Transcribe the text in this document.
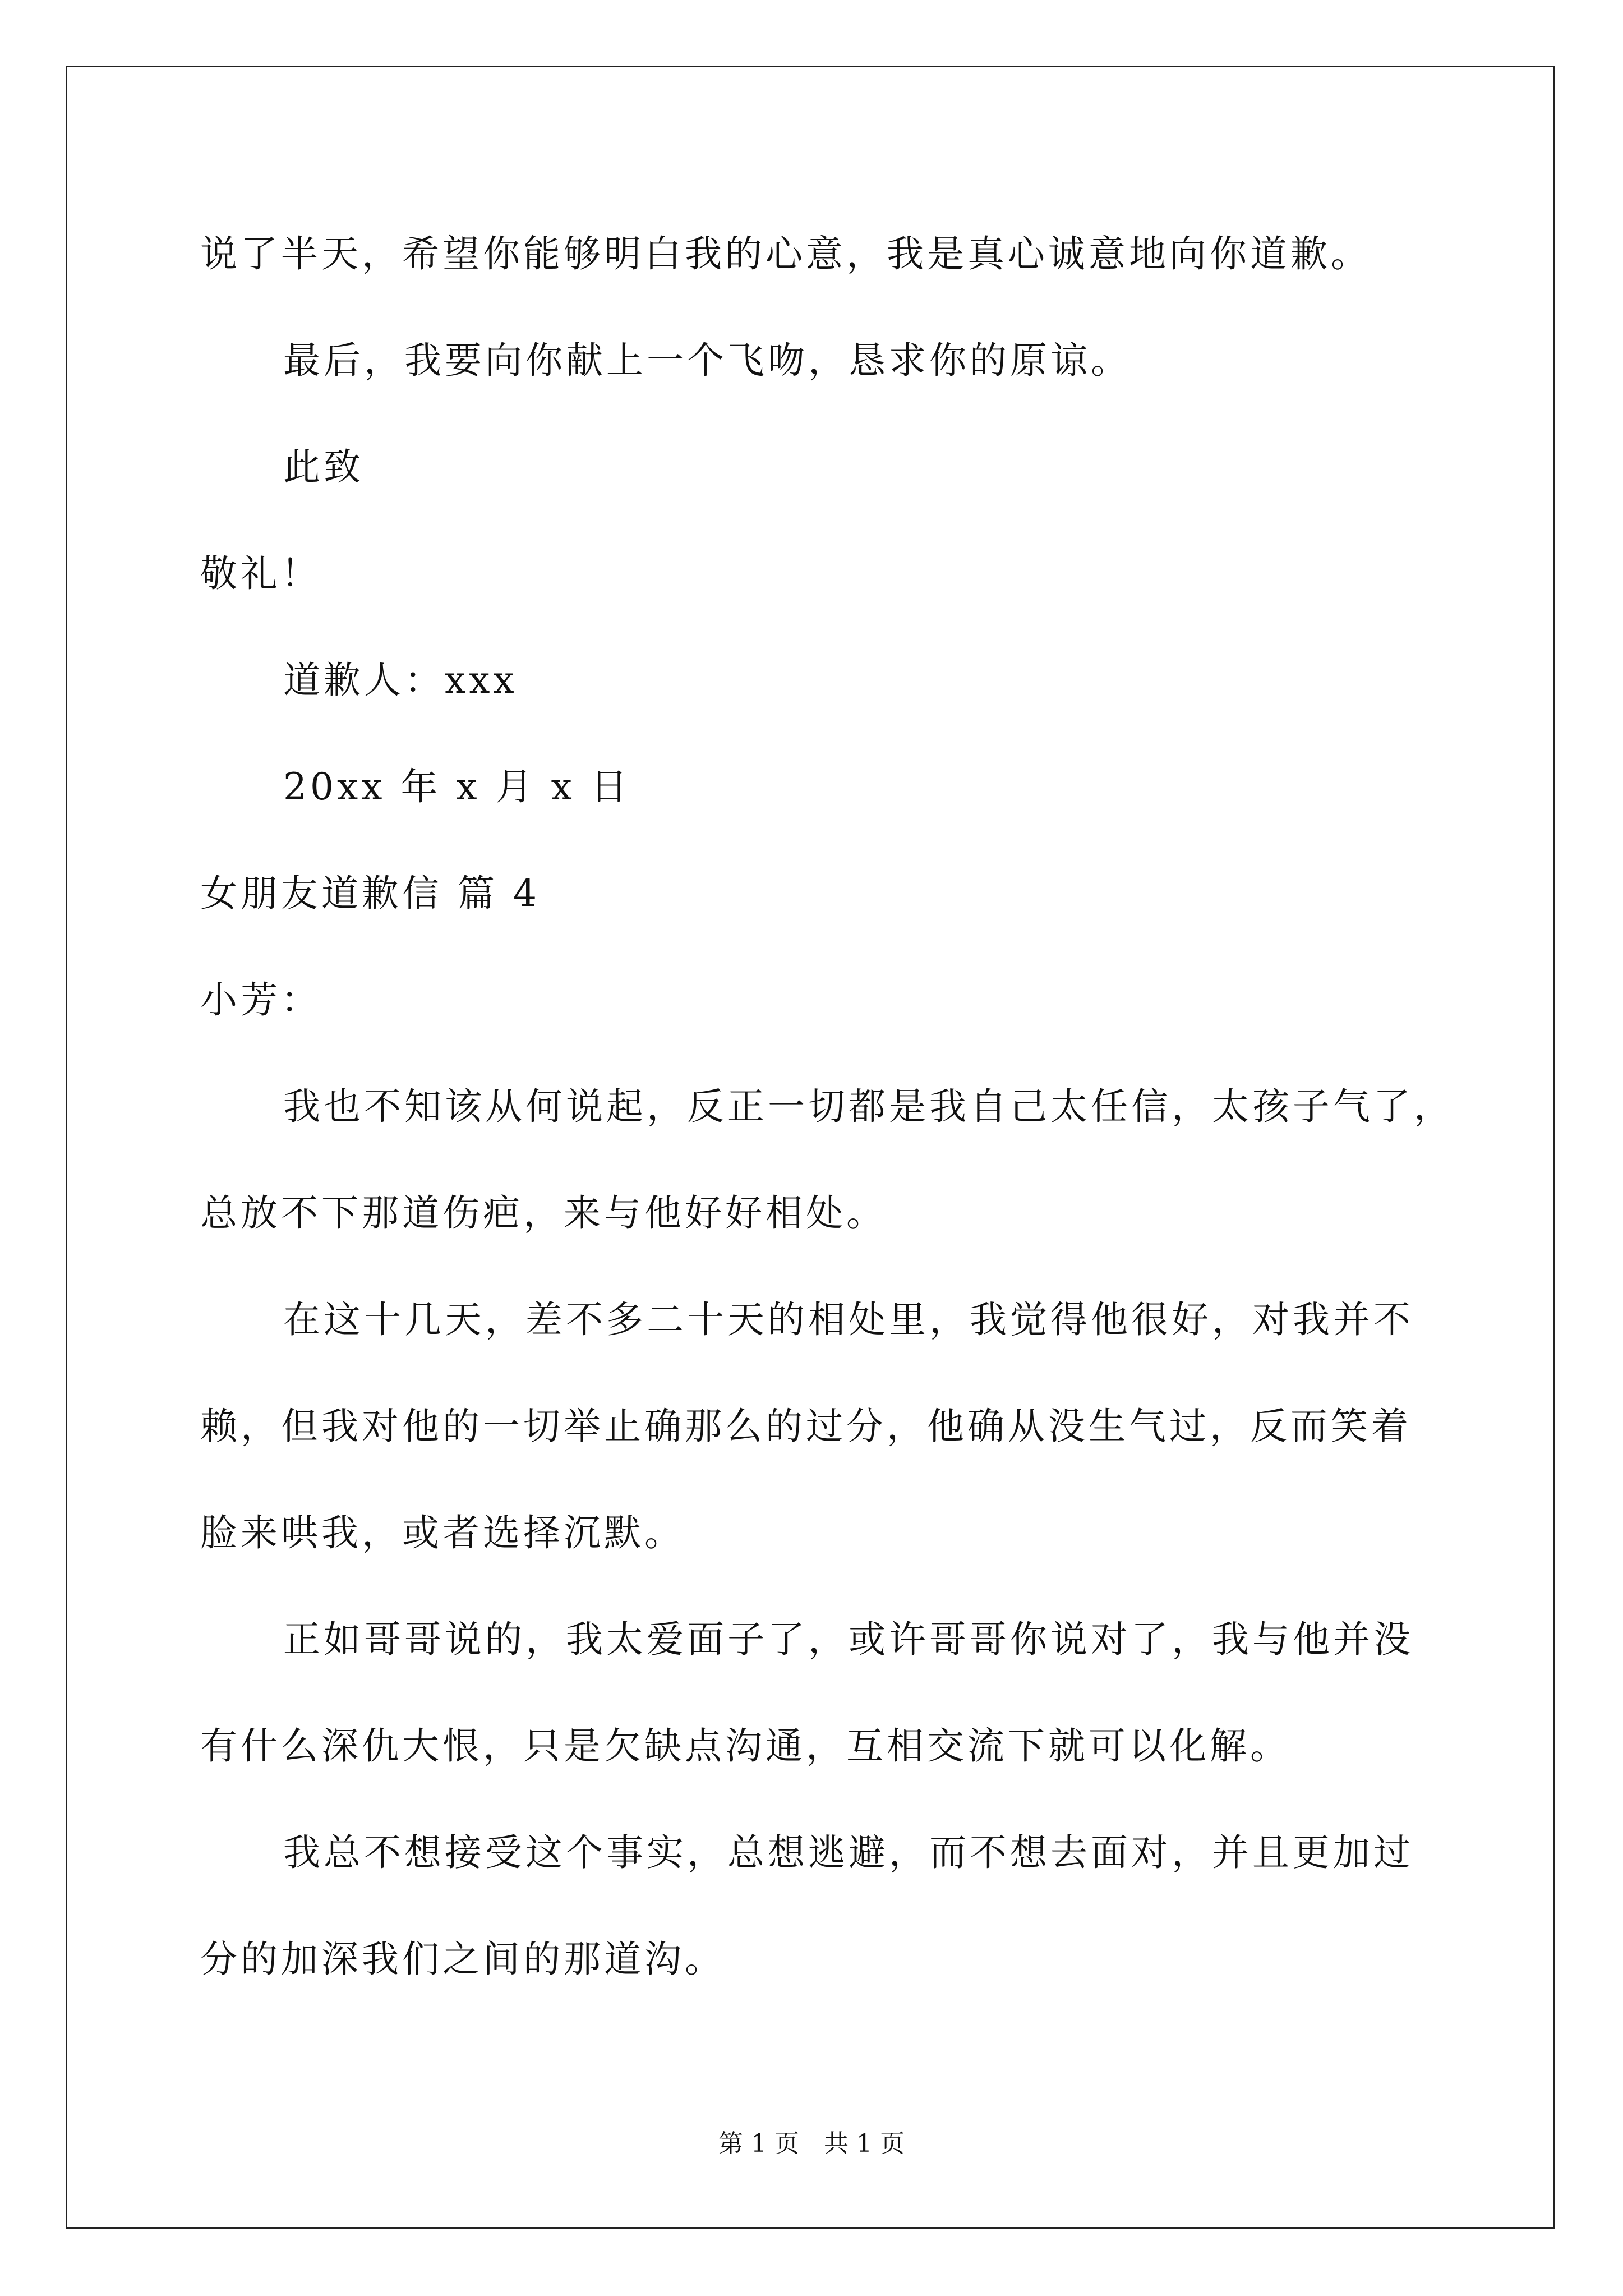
说了半天，希望你能够明白我的心意，我是真心诚意地向你道歉。
最后，我要向你献上一个飞吻，恳求你的原谅。
此致
敬礼！
道歉人：xxx
20xx 年 x 月 x 日
女朋友道歉信 篇 4
小芳：
我也不知该从何说起，反正一切都是我自己太任信，太孩子气了，
总放不下那道伤疤，来与他好好相处。
在这十几天，差不多二十天的相处里，我觉得他很好，对我并不
赖，但我对他的一切举止确那么的过分，他确从没生气过，反而笑着
脸来哄我，或者选择沉默。
正如哥哥说的，我太爱面子了，或许哥哥你说对了，我与他并没
有什么深仇大恨，只是欠缺点沟通，互相交流下就可以化解。
我总不想接受这个事实，总想逃避，而不想去面对，并且更加过
分的加深我们之间的那道沟。
第 1 页　共 1 页
